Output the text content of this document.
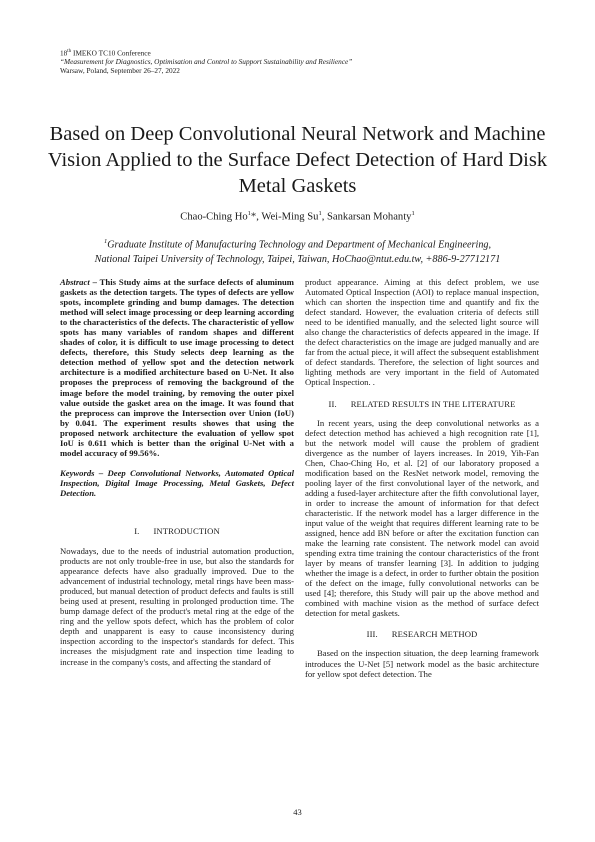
18th IMEKO TC10 Conference
“Measurement for Diagnostics, Optimisation and Control to Support Sustainability and Resilience”
Warsaw, Poland, September 26–27, 2022
Based on Deep Convolutional Neural Network and Machine Vision Applied to the Surface Defect Detection of Hard Disk Metal Gaskets
Chao-Ching Ho$^1$*, Wei-Ming Su$^1$, Sankarsan Mohanty$^1$
$^1$Graduate Institute of Manufacturing Technology and Department of Mechanical Engineering,
National Taipei University of Technology, Taipei, Taiwan, HoChao@ntut.edu.tw, +886-9-27712171

Abstract – This Study aims at the surface defects of aluminum gaskets as the detection targets. The types of defects are yellow spots, incomplete grinding and bump damages. The detection method will select image processing or deep learning according to the characteristics of the defects. The characteristic of yellow spots has many variables of random shapes and different shades of color, it is difficult to use image processing to detect defects, therefore, this Study selects deep learning as the detection method of yellow spot and the detection network architecture is a modified architecture based on U-Net. It also proposes the preprocess of removing the background of the image before the model training, by removing the outer pixel value outside the gasket area on the image. It was found that the preprocess can improve the Intersection over Union (IoU) by 0.041. The experiment results showes that using the proposed network architecture the evaluation of yellow spot IoU is 0.611 which is better than the original U-Net with a model accuracy of 99.56%.

Keywords – Deep Convolutional Networks, Automated Optical Inspection, Digital Image Processing, Metal Gaskets, Defect Detection.

I. INTRODUCTION

Nowadays, due to the needs of industrial automation production, products are not only trouble-free in use, but also the standards for appearance defects have also gradually improved. Due to the advancement of industrial technology, metal rings have been mass-produced, but manual detection of product defects and faults is still being used at present, resulting in prolonged production time. The bump damage defect of the product's metal ring at the edge of the ring and the yellow spots defect, which has the problem of color depth and unapparent is easy to cause inconsistency during inspection according to the inspector's standards for defect. This increases the misjudgment rate and inspection time leading to increase in the company's costs, and affecting the standard of

product appearance. Aiming at this defect problem, we use Automated Optical Inspection (AOI) to replace manual inspection, which can shorten the inspection time and quantify and fix the defect standard. However, the evaluation criteria of defects still need to be identified manually, and the selected light source will also change the characteristics of defects appeared in the image. If the defect characteristics on the image are judged manually and are far from the actual piece, it will affect the subsequent establishment of defect standards. Therefore, the selection of light sources and lighting methods are very important in the field of Automated Optical Inspection. .

II. RELATED RESULTS IN THE LITERATURE

In recent years, using the deep convolutional networks as a defect detection method has achieved a high recognition rate [1], but the network model will cause the problem of gradient divergence as the number of layers increases. In 2019, Yih-Fan Chen, Chao-Ching Ho, et al. [2] of our laboratory proposed a modification based on the ResNet network model, removing the pooling layer of the first convolutional layer of the network, and adding a fused-layer architecture after the fifth convolutional layer, in order to increase the amount of information for that defect characteristic. If the network model has a larger difference in the input value of the weight that requires different learning rate to be assigned, hence add BN before or after the excitation function can make the learning rate consistent. The network model can avoid spending extra time training the contour characteristics of the front layer by means of transfer learning [3]. In addition to judging whether the image is a defect, in order to further obtain the position of the defect on the image, fully convolutional networks can be used [4]; therefore, this Study will pair up the above method and combined with machine vision as the method of surface defect detection for metal gaskets.

III. RESEARCH METHOD

Based on the inspection situation, the deep learning framework introduces the U-Net [5] network model as the basic architecture for yellow spot defect detection. The

43
